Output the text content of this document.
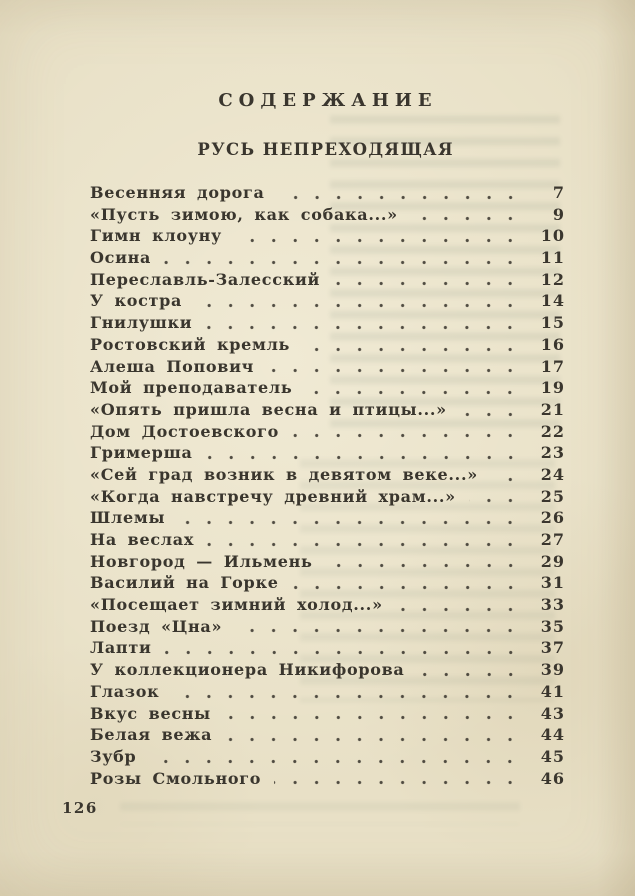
СОДЕРЖАНИЕ
РУСЬ НЕПРЕХОДЯЩАЯ
Весенняя дорога	7
«Пусть зимою, как собака...»	9
Гимн клоуну	10
Осина	11
Переславль-Залесский	12
У костра	14
Гнилушки	15
Ростовский кремль	16
Алеша Попович	17
Мой преподаватель	19
«Опять пришла весна и птицы...»	21
Дом Достоевского	22
Гримерша	23
«Сей град возник в девятом веке...»	24
«Когда навстречу древний храм...»	25
Шлемы	26
На веслах	27
Новгород — Ильмень	29
Василий на Горке	31
«Посещает зимний холод...»	33
Поезд «Цна»	35
Лапти	37
У коллекционера Никифорова	39
Глазок	41
Вкус весны	43
Белая вежа	44
Зубр	45
Розы Смольного	46
126
